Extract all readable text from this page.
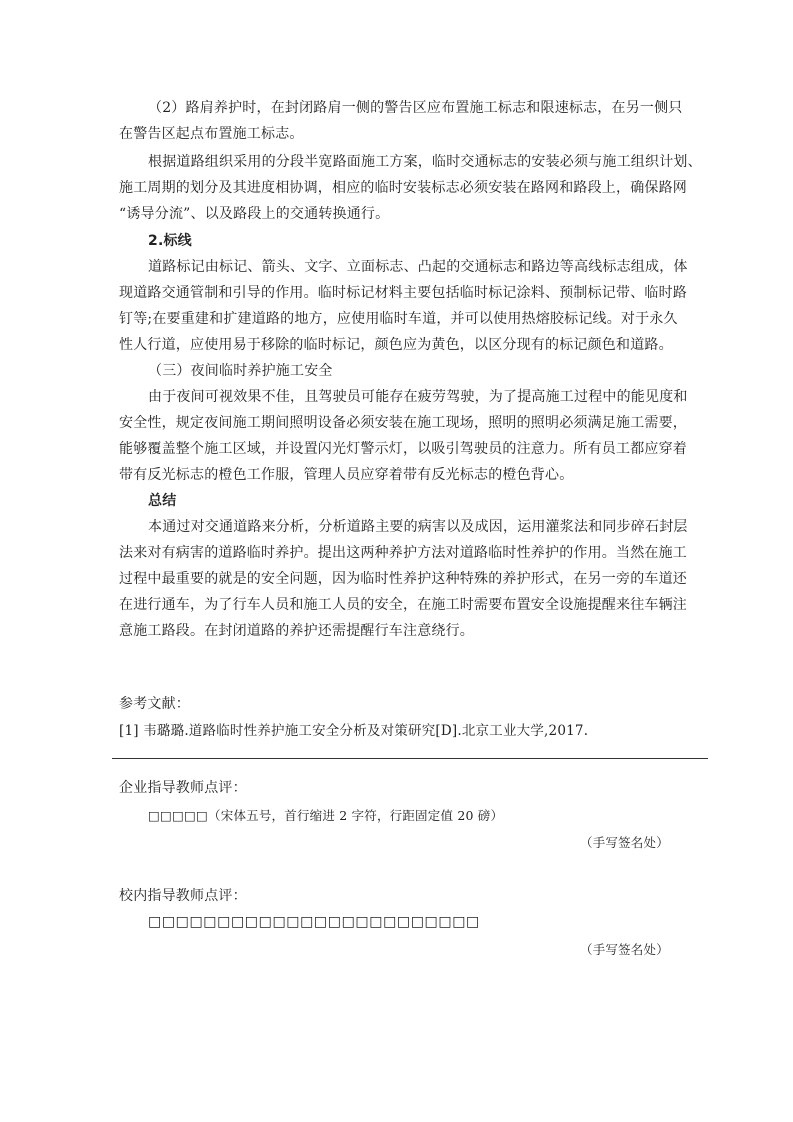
（2）路肩养护时，在封闭路肩一侧的警告区应布置施工标志和限速标志，在另一侧只
在警告区起点布置施工标志。
根据道路组织采用的分段半宽路面施工方案，临时交通标志的安装必须与施工组织计划、
施工周期的划分及其进度相协调，相应的临时安装标志必须安装在路网和路段上，确保路网
“诱导分流”、以及路段上的交通转换通行。
2.标线
道路标记由标记、箭头、文字、立面标志、凸起的交通标志和路边等高线标志组成，体
现道路交通管制和引导的作用。临时标记材料主要包括临时标记涂料、预制标记带、临时路
钉等;在要重建和扩建道路的地方，应使用临时车道，并可以使用热熔胶标记线。对于永久
性人行道，应使用易于移除的临时标记，颜色应为黄色，以区分现有的标记颜色和道路。
（三）夜间临时养护施工安全
由于夜间可视效果不佳，且驾驶员可能存在疲劳驾驶，为了提高施工过程中的能见度和
安全性，规定夜间施工期间照明设备必须安装在施工现场，照明的照明必须满足施工需要，
能够覆盖整个施工区域，并设置闪光灯警示灯，以吸引驾驶员的注意力。所有员工都应穿着
带有反光标志的橙色工作服，管理人员应穿着带有反光标志的橙色背心。
总结
本通过对交通道路来分析，分析道路主要的病害以及成因，运用灌浆法和同步碎石封层
法来对有病害的道路临时养护。提出这两种养护方法对道路临时性养护的作用。当然在施工
过程中最重要的就是的安全问题，因为临时性养护这种特殊的养护形式，在另一旁的车道还
在进行通车，为了行车人员和施工人员的安全，在施工时需要布置安全设施提醒来往车辆注
意施工路段。在封闭道路的养护还需提醒行车注意绕行。
参考文献：
[1] 韦璐璐.道路临时性养护施工安全分析及对策研究[D].北京工业大学,2017.
企业指导教师点评：
□□□□□（宋体五号，首行缩进 2 字符，行距固定值 20 磅）
（手写签名处）
校内指导教师点评：
□□□□□□□□□□□□□□□□□□□□□□□□
（手写签名处）
